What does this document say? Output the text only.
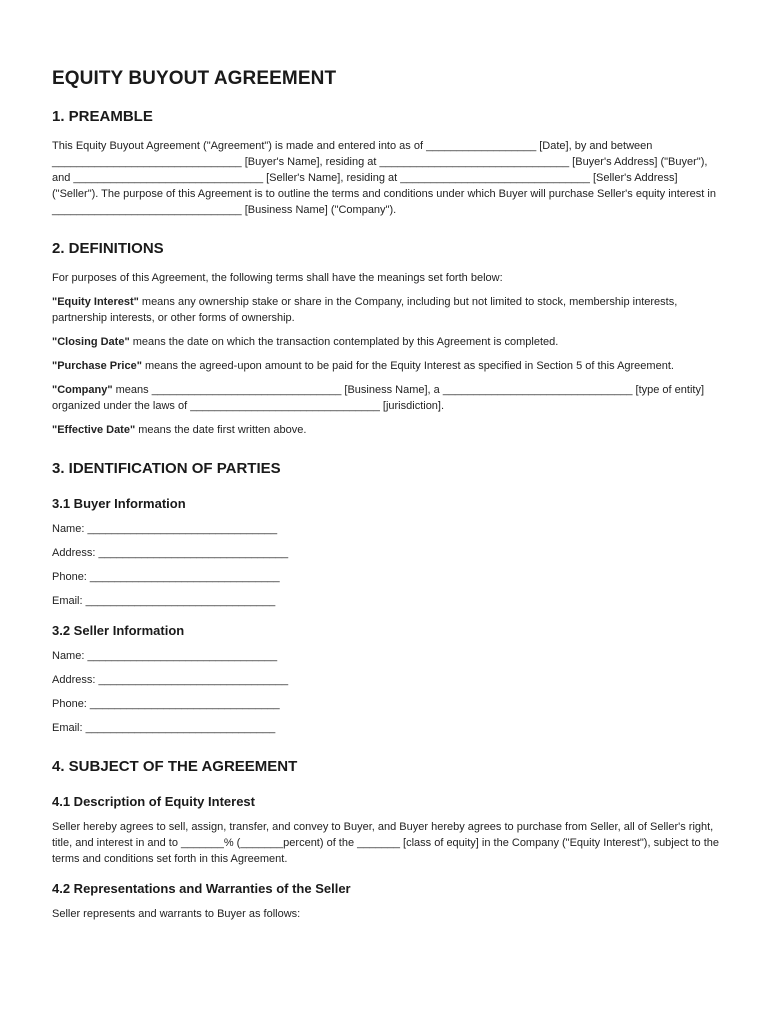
EQUITY BUYOUT AGREEMENT
1. PREAMBLE

This Equity Buyout Agreement ("Agreement") is made and entered into as of __________________ [Date], by and between _______________________________ [Buyer's Name], residing at _______________________________ [Buyer's Address] ("Buyer"), and _______________________________ [Seller's Name], residing at _______________________________ [Seller's Address] ("Seller"). The purpose of this Agreement is to outline the terms and conditions under which Buyer will purchase Seller's equity interest in _______________________________ [Business Name] ("Company").

2. DEFINITIONS

For purposes of this Agreement, the following terms shall have the meanings set forth below:

"Equity Interest" means any ownership stake or share in the Company, including but not limited to stock, membership interests, partnership interests, or other forms of ownership.

"Closing Date" means the date on which the transaction contemplated by this Agreement is completed.

"Purchase Price" means the agreed-upon amount to be paid for the Equity Interest as specified in Section 5 of this Agreement.

"Company" means _______________________________ [Business Name], a _______________________________ [type of entity] organized under the laws of _______________________________ [jurisdiction].

"Effective Date" means the date first written above.

3. IDENTIFICATION OF PARTIES
3.1 Buyer Information
Name: _______________________________
Address: _______________________________
Phone: _______________________________
Email: _______________________________
3.2 Seller Information
Name: _______________________________
Address: _______________________________
Phone: _______________________________
Email: _______________________________
4. SUBJECT OF THE AGREEMENT
4.1 Description of Equity Interest

Seller hereby agrees to sell, assign, transfer, and convey to Buyer, and Buyer hereby agrees to purchase from Seller, all of Seller's right, title, and interest in and to _______% (_______percent) of the _______ [class of equity] in the Company ("Equity Interest"), subject to the terms and conditions set forth in this Agreement.

4.2 Representations and Warranties of the Seller

Seller represents and warrants to Buyer as follows:
